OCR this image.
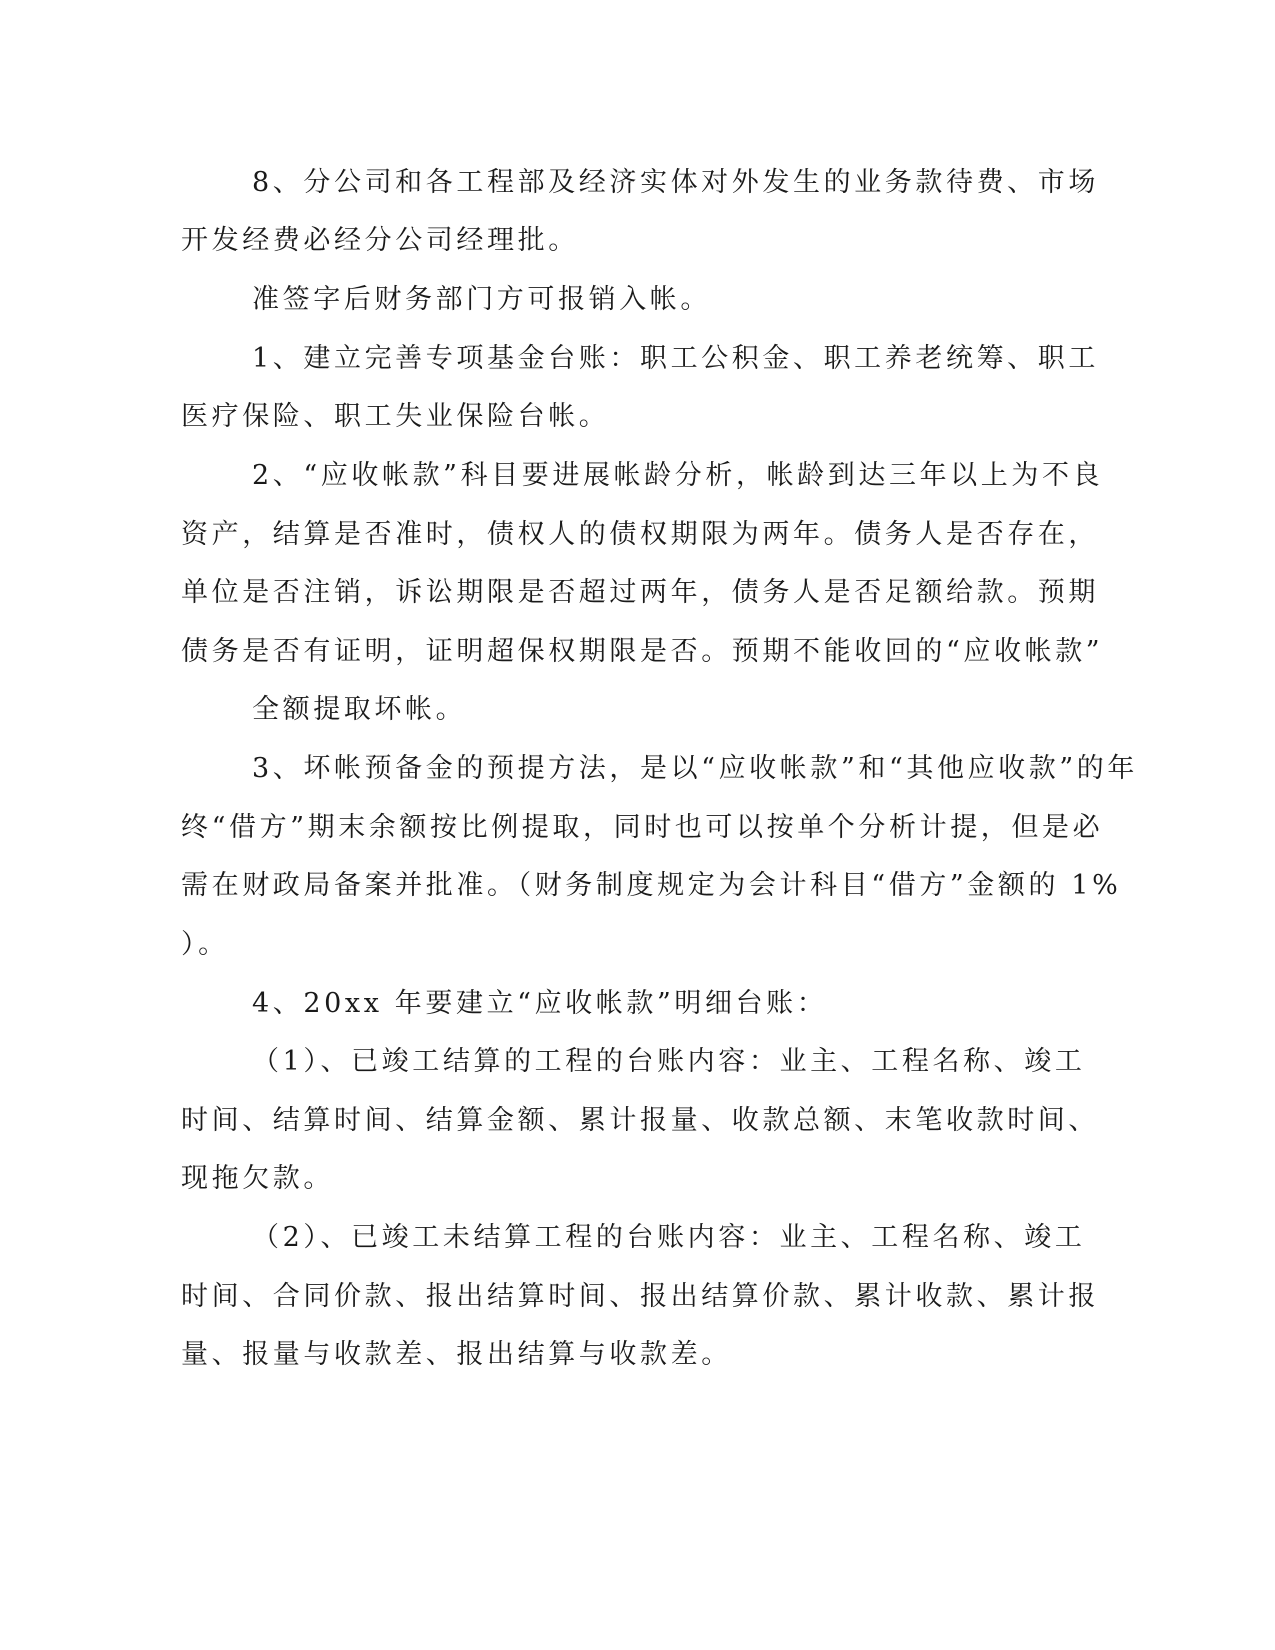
8、分公司和各工程部及经济实体对外发生的业务款待费、市场
开发经费必经分公司经理批。
准签字后财务部门方可报销入帐。
1、建立完善专项基金台账：职工公积金、职工养老统筹、职工
医疗保险、职工失业保险台帐。
2、“应收帐款”科目要进展帐龄分析，帐龄到达三年以上为不良
资产，结算是否准时，债权人的债权期限为两年。债务人是否存在，
单位是否注销，诉讼期限是否超过两年，债务人是否足额给款。预期
债务是否有证明，证明超保权期限是否。预期不能收回的“应收帐款”
全额提取坏帐。
3、坏帐预备金的预提方法，是以“应收帐款”和“其他应收款”的年
终“借方”期末余额按比例提取，同时也可以按单个分析计提，但是必
需在财政局备案并批准。（财务制度规定为会计科目“借方”金额的 1%
）。
4、20xx 年要建立“应收帐款”明细台账：
（1）、已竣工结算的工程的台账内容：业主、工程名称、竣工
时间、结算时间、结算金额、累计报量、收款总额、末笔收款时间、
现拖欠款。
（2）、已竣工未结算工程的台账内容：业主、工程名称、竣工
时间、合同价款、报出结算时间、报出结算价款、累计收款、累计报
量、报量与收款差、报出结算与收款差。
